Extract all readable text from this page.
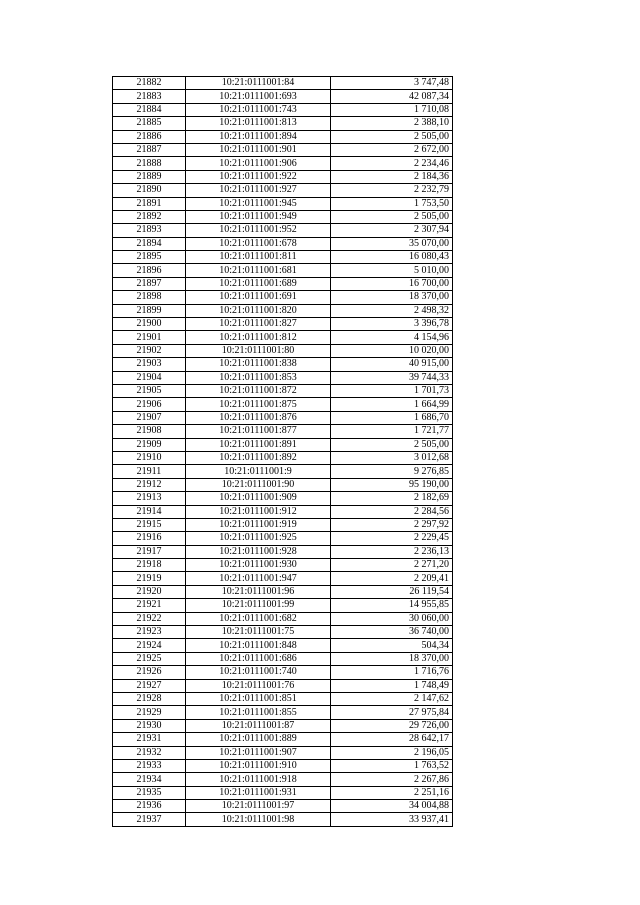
21882	10:21:0111001:84	3 747,48
21883	10:21:0111001:693	42 087,34
21884	10:21:0111001:743	1 710,08
21885	10:21:0111001:813	2 388,10
21886	10:21:0111001:894	2 505,00
21887	10:21:0111001:901	2 672,00
21888	10:21:0111001:906	2 234,46
21889	10:21:0111001:922	2 184,36
21890	10:21:0111001:927	2 232,79
21891	10:21:0111001:945	1 753,50
21892	10:21:0111001:949	2 505,00
21893	10:21:0111001:952	2 307,94
21894	10:21:0111001:678	35 070,00
21895	10:21:0111001:811	16 080,43
21896	10:21:0111001:681	5 010,00
21897	10:21:0111001:689	16 700,00
21898	10:21:0111001:691	18 370,00
21899	10:21:0111001:820	2 498,32
21900	10:21:0111001:827	3 396,78
21901	10:21:0111001:812	4 154,96
21902	10:21:0111001:80	10 020,00
21903	10:21:0111001:838	40 915,00
21904	10:21:0111001:853	39 744,33
21905	10:21:0111001:872	1 701,73
21906	10:21:0111001:875	1 664,99
21907	10:21:0111001:876	1 686,70
21908	10:21:0111001:877	1 721,77
21909	10:21:0111001:891	2 505,00
21910	10:21:0111001:892	3 012,68
21911	10:21:0111001:9	9 276,85
21912	10:21:0111001:90	95 190,00
21913	10:21:0111001:909	2 182,69
21914	10:21:0111001:912	2 284,56
21915	10:21:0111001:919	2 297,92
21916	10:21:0111001:925	2 229,45
21917	10:21:0111001:928	2 236,13
21918	10:21:0111001:930	2 271,20
21919	10:21:0111001:947	2 209,41
21920	10:21:0111001:96	26 119,54
21921	10:21:0111001:99	14 955,85
21922	10:21:0111001:682	30 060,00
21923	10:21:0111001:75	36 740,00
21924	10:21:0111001:848	504,34
21925	10:21:0111001:686	18 370,00
21926	10:21:0111001:740	1 716,76
21927	10:21:0111001:76	1 748,49
21928	10:21:0111001:851	2 147,62
21929	10:21:0111001:855	27 975,84
21930	10:21:0111001:87	29 726,00
21931	10:21:0111001:889	28 642,17
21932	10:21:0111001:907	2 196,05
21933	10:21:0111001:910	1 763,52
21934	10:21:0111001:918	2 267,86
21935	10:21:0111001:931	2 251,16
21936	10:21:0111001:97	34 004,88
21937	10:21:0111001:98	33 937,41
